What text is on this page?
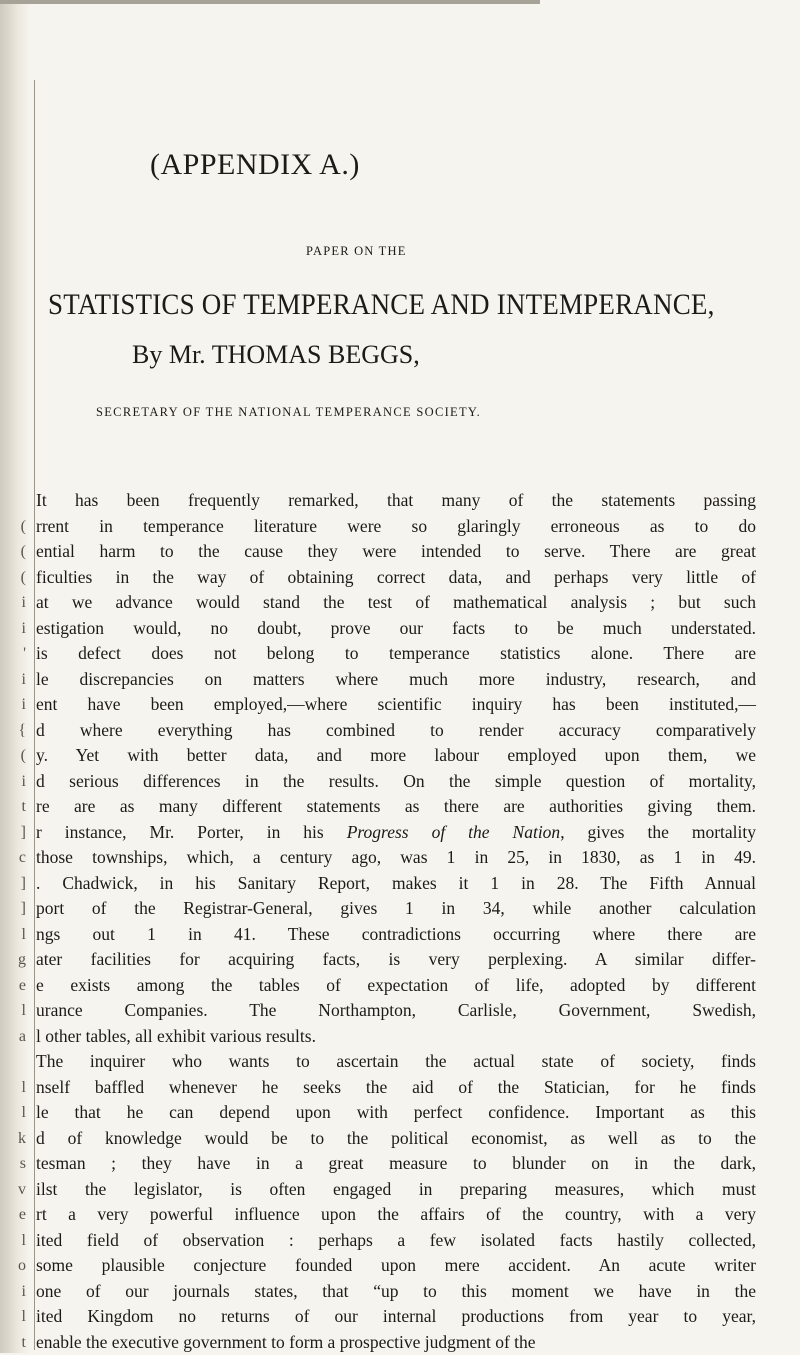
(APPENDIX A.)
PAPER ON THE
STATISTICS OF TEMPERANCE AND INTEMPERANCE,
By Mr. THOMAS BEGGS,
SECRETARY OF THE NATIONAL TEMPERANCE SOCIETY.
(
(
(
i
i
'
i
i
{
(
i
t
]
c
]
]
l
g
e
l
a
l
l
k
s
v
e
l
o
i
l
t
It has been frequently remarked, that many of the statements passing
rrent in temperance literature were so glaringly erroneous as to do
ential harm to the cause they were intended to serve. There are great
ficulties in the way of obtaining correct data, and perhaps very little of
at we advance would stand the test of mathematical analysis ; but such
estigation would, no doubt, prove our facts to be much understated.
is defect does not belong to temperance statistics alone. There are
le discrepancies on matters where much more industry, research, and
ent have been employed,—where scientific inquiry has been instituted,—
d where everything has combined to render accuracy comparatively
y. Yet with better data, and more labour employed upon them, we
d serious differences in the results. On the simple question of mortality,
re are as many different statements as there are authorities giving them.
r instance, Mr. Porter, in his Progress of the Nation, gives the mortality
those townships, which, a century ago, was 1 in 25, in 1830, as 1 in 49.
. Chadwick, in his Sanitary Report, makes it 1 in 28. The Fifth Annual
port of the Registrar-General, gives 1 in 34, while another calculation
ngs out 1 in 41. These contradictions occurring where there are
ater facilities for acquiring facts, is very perplexing. A similar differ-
e exists among the tables of expectation of life, adopted by different
urance Companies. The Northampton, Carlisle, Government, Swedish,
l other tables, all exhibit various results.
The inquirer who wants to ascertain the actual state of society, finds
nself baffled whenever he seeks the aid of the Statician, for he finds
le that he can depend upon with perfect confidence. Important as this
d of knowledge would be to the political economist, as well as to the
tesman ; they have in a great measure to blunder on in the dark,
ilst the legislator, is often engaged in preparing measures, which must
rt a very powerful influence upon the affairs of the country, with a very
ited field of observation : perhaps a few isolated facts hastily collected,
some plausible conjecture founded upon mere accident. An acute writer
one of our journals states, that “up to this moment we have in the
ited Kingdom no returns of our internal productions from year to year,
enable the executive government to form a prospective judgment of the
